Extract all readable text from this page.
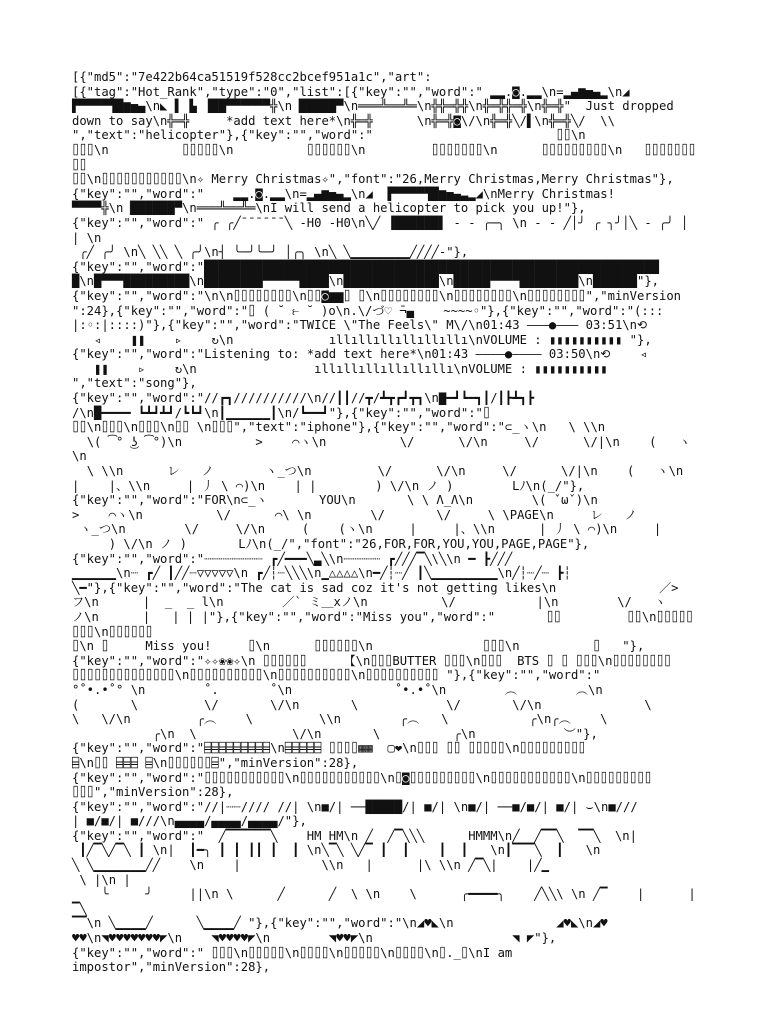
[{"md5":"7e422b64ca51519f528cc2bcef951a1c","art":
[{"tag":"Hot_Rank","type":"0","list":[{"key":"","word":" ▂▂.◙.▂▂\n=▂▄▆▅▄▂\n◢
▛▀▀▀▀▜█▆▅▄\n◣ ▌ ▙ ▐██▀▀▀▀▀▀╬\n▕█████▀\n═══╩══╩═\n╬╬═╬╬\n╬═╬╬═╬\n╬═╬"  Just dropped
down to say\n╬═╬     *add text here*\n╬═╬      \n╬═╬◙\/\n╬═╬╲/▌\n╬═╬╲/  \\
","text":"helicopter"},{"key":"","word":"                         ⌷⌷\n
⌷⌷⌷\n          ⌷⌷⌷⌷⌷\n          ⌷⌷⌷⌷⌷⌷\n         ⌷⌷⌷⌷⌷⌷⌷\n      ⌷⌷⌷⌷⌷⌷⌷⌷⌷\n   ⌷⌷⌷⌷⌷⌷⌷⌷⌷
⌷⌷\n⌷⌷⌷⌷⌷⌷⌷⌷⌷⌷⌷\n✧ Merry Christmas✧","font":"26,Merry Christmas,Merry Christmas"},
{"key":"","word":"    ▂▂.◙.▂▂\n=▂▄▆▅▄▂\n◢  ▛▀▀▀▀▜█▆▅▄▃▂◢\nMerry Christmas!
▀▀▀▀╬\n▕██████▀\n═══╩══╩═\nI will send a helicopter to pick you up!"},
{"key":"","word":" ╭ ╭╱¯¯¯¯¯¯╲ -H0 -H0\n╲╱ ▐██████▌ - - ╭─╮ \n - - ╱│╯ ╭ ╮╯│╲ - ╭╯ │ | \n
╭╱ ╭╯ \n╲ ╲╲ ╲ ╭╯\n┤ ╰─╯╰─╯ │╭╮ \n╲ ╲▁▁▁▁▁▁▁▁╱╱╱╱-"},
{"key":"","word":"██████████████████████████████████████████████████████████████
█\n█▀▀▀█████████\n████████▀▀▀▀▀████\n█████████████\n█████▀▀▀▀████████\n██████"},
{"key":"","word":"\n\n⌷⌷⌷⌷⌷⌷⌷⌷\n⌷⌷◙▆▆⌷ ⌷\n⌷⌷⌷⌷⌷⌷⌷⌷\n⌷⌷⌷⌷⌷⌷⌷⌷\n⌷⌷⌷⌷⌷⌷⌷⌷","minVersion
":24},{"key":"","word":"⌷ ( ˘ ⥼ ˘ )ο\n.\/づ♡ ̄¬▄    ~~~~◦"},{"key":"","word":"(:::
|:◦:|::::)"},{"key":"","word":"TWICE \"The Feels\" M\/\n01:43 ———●——— 03:51\n⟲
◃    ❚❚    ▹    ↻\n             ıllıllıllıllıllıllı\nVOLUME : ▮▮▮▮▮▮▮▮▮▮ "},
{"key":"","word":"Listening to: *add text here*\n01:43 ————●———— 03:50\n⟲    ◃
❚❚    ▹    ↻\n                ıllıllıllıllıllıllı\nVOLUME : ▮▮▮▮▮▮▮▮▮▮
","text":"song"},
{"key":"","word":"//┏┓//////////\n//┃┃//┳/┻┳┏┛┳┓\n▇━┛┗━┓┃/┃┣┻┓┣
/\n█━━━━ ┗┻┛┻┛/┗┗┛\n┃▁▁▁▁▁▁┃\n/┗━━┛"},{"key":"","word":"⌷
⌷⌷\n⌷⌷⌷\n⌷⌷⌷\n⌷⌷ \n⌷⌷⌷","text":"iphone"},{"key":"","word":"⊂_ヽ\n   \ \\n
\( ͡° ͜ʖ ͡°)\n          >    ⌒ヽ\n          \/      \/\n     \/      \/|\n    (   ヽ\n
\ \\n      レ   ノ       ヽ_つ\n         \/      \/\n     \/      \/|\n    (   ヽ\n
|    |、\\n     | 丿 \ ⌒)\n    | |        ) \/\n ノ )        Lﾉ\n(_/"},
{"key":"","word":"FOR\n⊂_ヽ       YOU\n       \ \ Λ_Λ\n        \( ˇωˇ)\n
>    ⌒ヽ\n          \/      ⌒\ \n        \/       \/     \ \PAGE\n     レ   ノ
ヽ_つ\n        \/     \/\n     (    (ヽ\n     |     |、\\n      | 丿 \ ⌒)\n     |
) \/\n ノ )       Lﾉ\n(_/","font":"26,FOR,FOR,YOU,YOU,PAGE,PAGE"},
{"key":"","word":"┈┈┈┈┈┈┈┈ ┏╱━━━╲▃╲\n┈┈┈┈┈ ┏╱╱╱▔╲\╲\n ━ ┣╱╱╱
▁▁▁▁▁▁\n┈ ┏╱ ┃╱╱┈▽▽▽▽▽\n ┏╱┆┈╲╲╲\n▁△△△△\n━╱┆┈╱ ┃╲▁▁▁▁▁▁▁▁▁\n╱┆┈╱┈ ┣┆
╲━"},{"key":"","word":"The cat is sad coz it's not getting likes\n              ／>
フ\n      |  _  _ l\n        ／` ミ＿xノ\n          \/           |\n        \/   ヽ
ノ\n      |   | | |"},{"key":"","word":"Miss you","word":"       ⌷⌷         ⌷⌷\n⌷⌷⌷⌷⌷⌷⌷⌷\n⌷⌷⌷⌷⌷⌷
⌷\n ⌷     Miss you!     ⌷\n      ⌷⌷⌷⌷⌷⌷\n               ⌷⌷⌷\n          ⌷   "},
{"key":"","word":"✧✧❀❀✧\n ⌷⌷⌷⌷⌷⌷     【\n⌷⌷⌷BUTTER ⌷⌷⌷\n⌷⌷⌷  BTS ⌷ ⌷ ⌷⌷⌷\n⌷⌷⌷⌷⌷⌷⌷⌷
⌷⌷⌷⌷⌷⌷⌷⌷⌷⌷⌷⌷⌷⌷\n⌷⌷⌷⌷⌷⌷⌷⌷⌷⌷\n⌷⌷⌷⌷⌷⌷⌷⌷⌷⌷\n⌷⌷⌷⌷⌷⌷⌷⌷⌷⌷ "},{"key":"","word":"
°˚•.•˚° \n        ˚.       ˚\n              ˚•.•˚\n        ︵        ︵\n
(       \         \/       \/\n       \            \/       \/\n              \
\   \/\n         ╭︵    \         \\n        ╭︵   \           ╭\n╭︵    \
╭\n  \             \/\n       \          ╭\n            ︶"},
{"key":"","word":"⌸⌸⌸⌸⌸⌸⌸⌸⌸\n⌸⌸⌸⌸⌸ ⌷⌷⌷⌷▦▦  ▢❤\n⌷⌷⌷ ⌷⌷ ⌷⌷⌷⌷⌷\n⌷⌷⌷⌷⌷⌷⌷⌷⌷
⌸\n⌷⌷ ⌸⌸⌸ ⌸\n⌷⌷⌷⌷⌷⌷⌸","minVersion":28},
{"key":"","word":"⌷⌷⌷⌷⌷⌷⌷⌷⌷⌷⌷\n⌷⌷⌷⌷⌷⌷⌷⌷⌷⌷⌷\n⌷◙⌷⌷⌷⌷⌷⌷⌷⌷⌷\n⌷⌷⌷⌷⌷⌷⌷⌷⌷⌷⌷\n⌷⌷⌷⌷⌷⌷⌷⌷⌷
⌷⌷⌷","minVersion":28},
{"key":"","word":"//|┈┈//// //| \n■/| ──█████/| ■/| \n■/| ──■/■/| ■/| ⌣\n■///
| ■/■/| ■///\n▄▄▄▄/▄▄▄▄/▄▄▄▄/"},
{"key":"","word":"  ╱▔▔▔▔▔▔╲    HM HM\n ╱  ╱▔╲╲╲      HMMM\n╱  ╱▔▔╲  ▔▔╲  \n|
┃╱▔╲╱▔╲ ┃ \n|  ┃━╮ ┃ ┃ ┃┃ ┃  ┃ \n╲▔╲ ╲╱▔ ┃  ┃    ┃  ┃   \n┃▔▔▔╲  ┃   \n
╲ ╲▁▁▁▁▁▁▁╱╱    \n    |           \\n   |      |\ \\n ╱▔╲|    |╱▁
\ |\n |
╰     ╯     ||\n \      ╱      ╱  \ \n    \      ╭━━━━╮    ╱╲╲\ \n ╱▔    |      |     ▔╲
▔▔\n ╲▁▁▁▁╱      ╲▁▁▁▁╱ "},{"key":"","word":"\n◢♥◣\n              ◢♥◣\n◢♥
♥♥\n◥♥♥♥♥♥♥♥◤\n    ◥♥♥♥♥◤\n        ◥♥♥◤\n                   ◥ ◤"},
{"key":"","word":" ⌷⌷⌷\n⌷⌷⌷⌷⌷\n⌷⌷⌷⌷\n⌷⌷⌷⌷⌷\n⌷⌷⌷⌷\n⌷._⌷\nI am
impostor","minVersion":28},
